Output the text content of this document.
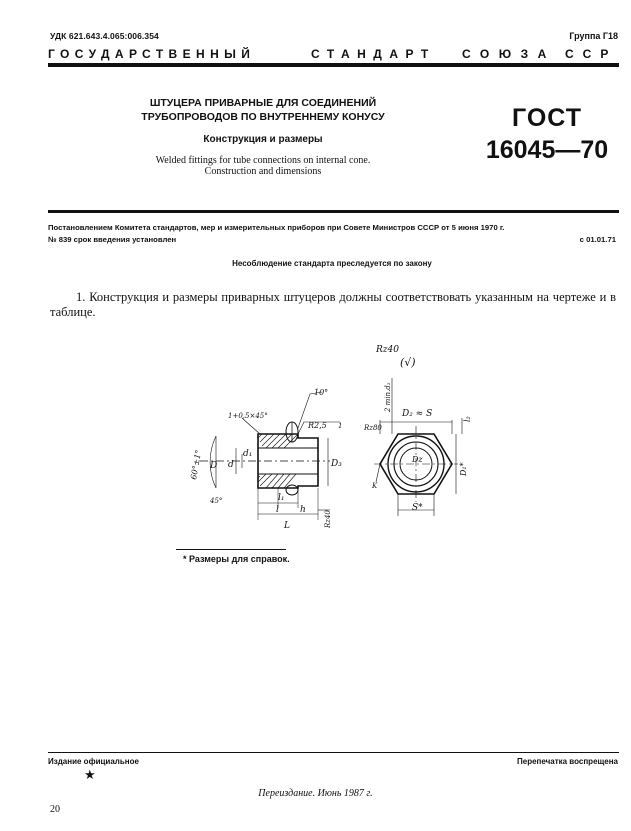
УДК 621.643.4.065:006.354	Группа Г18
ГОСУДАРСТВЕННЫЙ	СТАНДАРТ СОЮЗА ССР
ШТУЦЕРА ПРИВАРНЫЕ ДЛЯ СОЕДИНЕНИЙ
ТРУБОПРОВОДОВ ПО ВНУТРЕННЕМУ КОНУСУ
Конструкция и размеры
Welded fittings for tube connections on internal cone.
Construction and dimensions
ГОСТ
16045—70
Постановлением Комитета стандартов, мер и измерительных приборов при Совете Министров СССР от 5 июня 1970 г.
№ 839 срок введения установлен	с 01.01.71
Несоблюдение стандарта преследуется по закону
1. Конструкция и размеры приварных штуцеров должны соответствовать указанным на чертеже и в таблице.
Rz40
(√)
1+0,5×45°
10°
R2,5 1
60°±1°
45°
D d
d₁
D₃
l₁
l h
L	Rz40
2 min.d₂
D₂ ≈ S
Rz80
D₁*
l₂
S*
Dz
K
* Размеры для справок.
Издание официальное	Перепечатка воспрещена
★
Переиздание. Июнь 1987 г.
20
